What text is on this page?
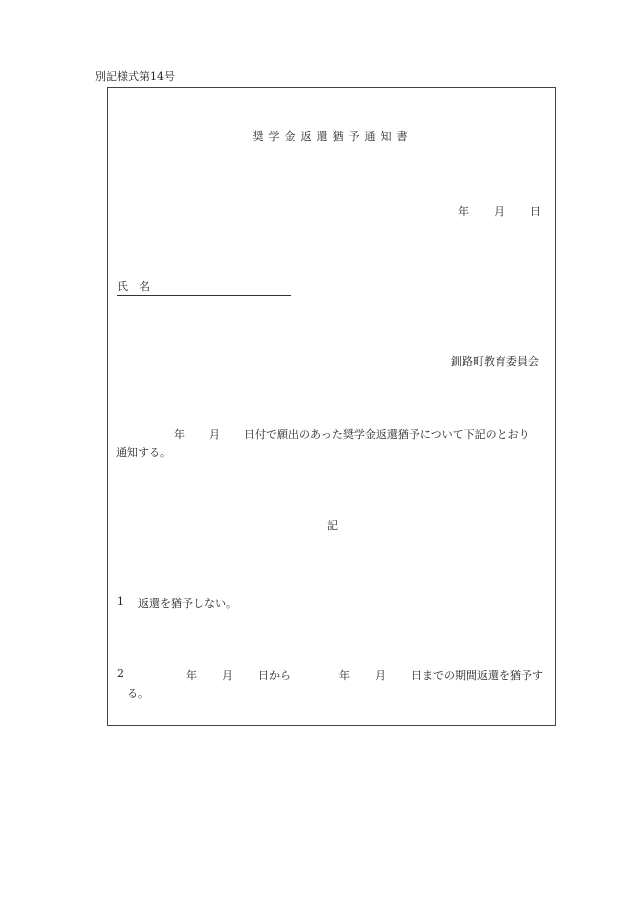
別記様式第14号
奨学金返還猶予通知書
年 月 日
氏　名
釧路町教育委員会
年 月 日付で願出のあった奨学金返還猶予について下記のとおり
通知する。
記
1 返還を猶予しない。
2	年 月 日から	年 月 日までの期間返還を猶予す
る。
